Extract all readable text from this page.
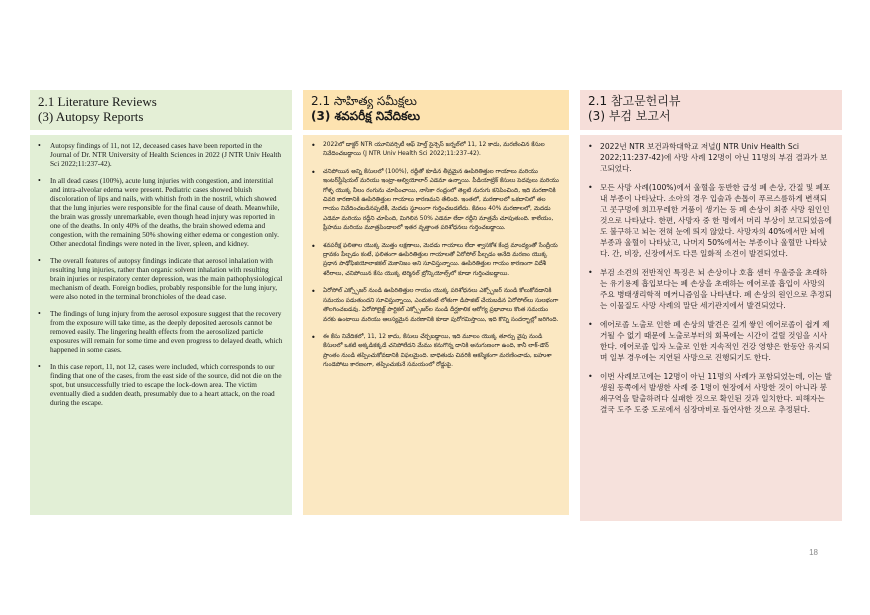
2.1 Literature Reviews
(3) Autopsy Reports
• Autopsy findings of 11, not 12, deceased cases have been reported in the Journal of Dr. NTR University of Health Sciences in 2022 (J NTR Univ Health Sci 2022;11:237-42).
• In all dead cases (100%), acute lung injuries with congestion, and interstitial and intra-alveolar edema were present. Pediatric cases showed bluish discoloration of lips and nails, with whitish froth in the nostril, which showed that the lung injuries were responsible for the final cause of death. Meanwhile, the brain was grossly unremarkable, even though head injury was reported in one of the deaths. In only 40% of the deaths, the brain showed edema and congestion, with the remaining 50% showing either edema or congestion only. Other anecdotal findings were noted in the liver, spleen, and kidney.
• The overall features of autopsy findings indicate that aerosol inhalation with resulting lung injuries, rather than organic solvent inhalation with resulting brain injuries or respiratory center depression, was the main pathophysiological mechanism of death. Foreign bodies, probably responsible for the lung injury, were also noted in the terminal bronchioles of the dead case.
• The findings of lung injury from the aerosol exposure suggest that the recovery from the exposure will take time, as the deeply deposited aerosols cannot be removed easily. The lingering health effects from the aerosolized particle exposures will remain for some time and even progress to delayed death, which happened in some cases.
• In this case report, 11, not 12, cases were included, which corresponds to our finding that one of the cases, from the east side of the source, did not die on the spot, but unsuccessfully tried to escape the lock-down area. The victim eventually died a sudden death, presumably due to a heart attack, on the road during the escape.
2.1 సాహిత్య సమీక్షలు
(3) శవపరీక్ష నివేదికలు
• 2022లో డాక్టర్ NTR యూనివర్సిటీ ఆఫ్ హెల్త్ సైన్సెస్ జర్నల్‌లో 11, 12 కాదు, మరణించిన కేసుల నివేదించబడ్డాయి (J NTR Univ Health Sci 2022;11:237-42).
• చనిపోయిన అన్ని కేసులలో (100%), రద్దీతో కూడిన తీవ్రమైన ఊపిరితిత్తుల గాయాలు మరియు ఇంటర్‌స్టీషియల్ మరియు ఇంట్రా-ఆల్వియోలార్ ఎడెమా ఉన్నాయి. పీడియాట్రిక్ కేసులు పెదవులు మరియు గోళ్ళ యొక్క నీలం రంగును చూపించాయి, నాసికా రంధ్రంలో తెల్లటి నురుగు కనిపించింది, ఇది మరణానికి చివరి కారణానికి ఊపిరితిత్తుల గాయాలు కారణమని తేలింది. ఇంతలో, మరణాలలో ఒకదానిలో తల గాయం నివేదించబడినప్పటికీ, మెదడు స్థూలంగా గుర్తించబడలేదు. కేవలం 40% మరణాలలో, మెదడు ఎడెమా మరియు రద్దీని చూపింది, మిగిలిన 50% ఎడెమా లేదా రద్దీని మాత్రమే చూపుతుంది. కాలేయం, ప్లీహము మరియు మూత్రపిండాలలో ఇతర వృత్తాంత పరిశోధనలు గుర్తించబడ్డాయి.
• శవపరీక్ష ఫలితాల యొక్క మొత్తం లక్షణాలు, మెదడు గాయాలు లేదా శ్వాసకోశ కేంద్ర మాంద్యంతో సేంద్రీయ ద్రావకం పీల్చడం కంటే, ఫలితంగా ఊపిరితిత్తుల గాయాలతో ఏరోసోల్ పీల్చడం అనేది మరణం యొక్క ప్రధాన పాథోఫిజియోలాజికల్ మెకానిజం అని సూచిస్తున్నాయి. ఊపిరితిత్తుల గాయం కారణంగా విదేశీ శరీరాలు, చనిపోయిన కేసు యొక్క టెర్మినల్ బ్రోన్కియోల్స్‌లో కూడా గుర్తించబడ్డాయి.
• ఏరోసోల్ ఎక్స్పోజర్ నుండి ఊపిరితిత్తుల గాయం యొక్క పరిశోధనలు ఎక్స్పోజర్ నుండి కోలుకోవడానికి సమయం పడుతుందని సూచిస్తున్నాయి, ఎందుకంటే లోతుగా డిపాజిట్ చేయబడిన ఏరోసోల్‌లు సులభంగా తొలగించబడవు. ఏరోసోలైజ్డ్ పార్టికల్ ఎక్స్పోజర్‌ల నుండి దీర్ఘకాలిక ఆరోగ్య ప్రభావాలు కొంత సమయం వరకు ఉంటాయి మరియు ఆలస్యమైన మరణానికి కూడా పురోగమిస్తాయి, ఇది కొన్ని సందర్భాల్లో జరిగింది.
• ఈ కేసు నివేదికలో, 11, 12 కాదు, కేసులు చేర్చబడ్డాయి, ఇది మూలం యొక్క తూర్పు వైపు నుండి కేసులలో ఒకటి అక్కడికక్కడే చనిపోలేదని మేము కనుగొన్న దానికి అనుగుణంగా ఉంది, కానీ లాక్-డౌన్ ప్రాంతం నుండి తప్పించుకోవడానికి విఫలమైంది. బాధితుడు చివరికి ఆకస్మికంగా మరణించాడు, బహుశా గుండెపోటు కారణంగా, తప్పించుకునే సమయంలో రోడ్డుపై.
2.1 참고문헌리뷰
(3) 부검 보고서
• 2022년 NTR 보건과학대학교 저널(J NTR Univ Health Sci 2022;11:237-42)에 사망 사례 12명이 아닌 11명의 부검 결과가 보고되었다.
• 모든 사망 사례(100%)에서 울혈을 동반한 급성 폐 손상, 간질 및 폐포 내 부종이 나타났다. 소아의 경우 입술과 손톱이 푸르스름하게 변색되고 콧구멍에 희끄무레한 거품이 생기는 등 폐 손상이 최종 사망 원인인 것으로 나타났다. 한편, 사망자 중 한 명에서 머리 부상이 보고되었음에도 불구하고 뇌는 전혀 눈에 띄지 않았다. 사망자의 40%에서만 뇌에 부종과 울혈이 나타났고, 나머지 50%에서는 부종이나 울혈만 나타났다. 간, 비장, 신장에서도 다른 일화적 소견이 발견되었다.
• 부검 소견의 전반적인 특징은 뇌 손상이나 호흡 센터 우울증을 초래하는 유기용제 흡입보다는 폐 손상을 초래하는 에어로졸 흡입이 사망의 주요 병태생리학적 메커니즘임을 나타낸다. 폐 손상의 원인으로 추정되는 이물질도 사망 사례의 말단 세기관지에서 발견되었다.
• 에어로졸 노출로 인한 폐 손상의 발견은 깊게 쌓인 에어로졸이 쉽게 제거될 수 없기 때문에 노출로부터의 회복에는 시간이 걸릴 것임을 시사한다. 에어로졸 입자 노출로 인한 지속적인 건강 영향은 한동안 유지되며 일부 경우에는 지연된 사망으로 진행되기도 한다.
• 이번 사례보고에는 12명이 아닌 11명의 사례가 포함되었는데, 이는 발생원 동쪽에서 발생한 사례 중 1명이 현장에서 사망한 것이 아니라 봉쇄구역을 탈출하려다 실패한 것으로 확인된 것과 일치한다. 피해자는 결국 도주 도중 도로에서 심장마비로 돌연사한 것으로 추정된다.
18
